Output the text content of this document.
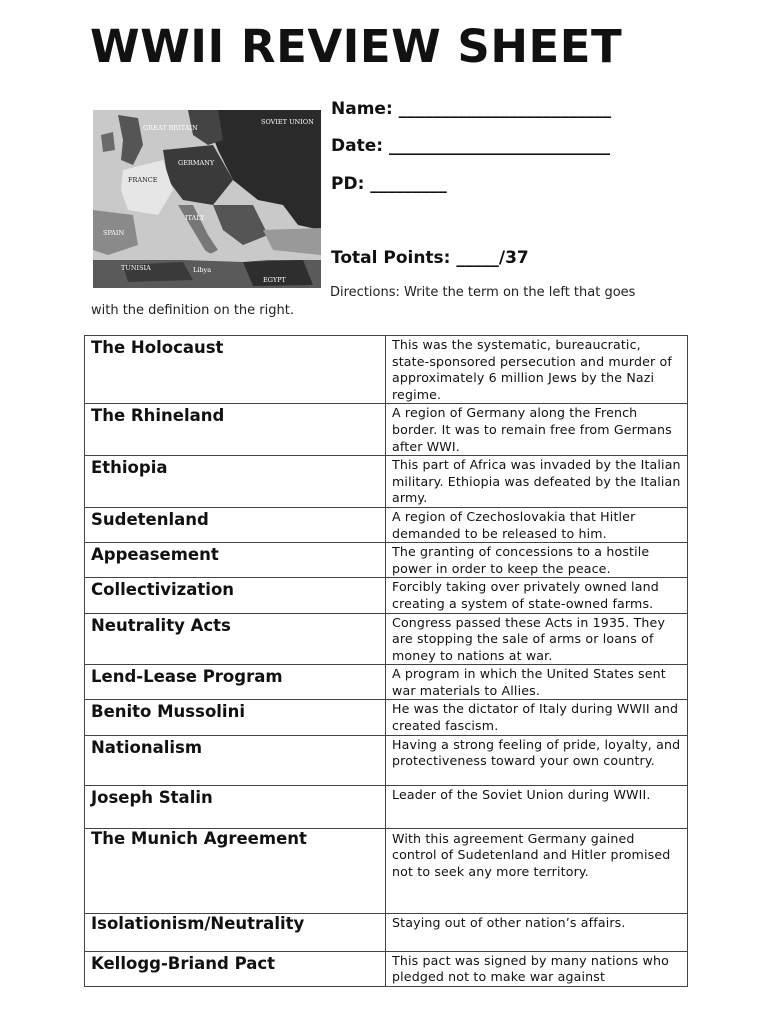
WWII REVIEW SHEET
GREAT BRITAIN
SOVIET UNION
GERMANY
FRANCE
SPAIN
ITALY
TUNISIA
EGYPT
Libya
Name: _________________________
Date: __________________________
PD: _________
Total Points: _____/37
Directions: Write the term on the left that goes
with the definition on the right.
The Holocaust	This was the systematic, bureaucratic, state-sponsored persecution and murder of approximately 6 million Jews by the Nazi regime.
The Rhineland	A region of Germany along the French border. It was to remain free from Germans after WWI.
Ethiopia	This part of Africa was invaded by the Italian military. Ethiopia was defeated by the Italian army.
Sudetenland	A region of Czechoslovakia that Hitler demanded to be released to him.
Appeasement	The granting of concessions to a hostile power in order to keep the peace.
Collectivization	Forcibly taking over privately owned land creating a system of state-owned farms.
Neutrality Acts	Congress passed these Acts in 1935. They are stopping the sale of arms or loans of money to nations at war.
Lend-Lease Program	A program in which the United States sent war materials to Allies.
Benito Mussolini	He was the dictator of Italy during WWII and created fascism.
Nationalism	Having a strong feeling of pride, loyalty, and protectiveness toward your own country.
Joseph Stalin	Leader of the Soviet Union during WWII.
The Munich Agreement	With this agreement Germany gained control of Sudetenland and Hitler promised not to seek any more territory.
Isolationism/Neutrality	Staying out of other nation’s affairs.
Kellogg-Briand Pact	This pact was signed by many nations who pledged not to make war against
